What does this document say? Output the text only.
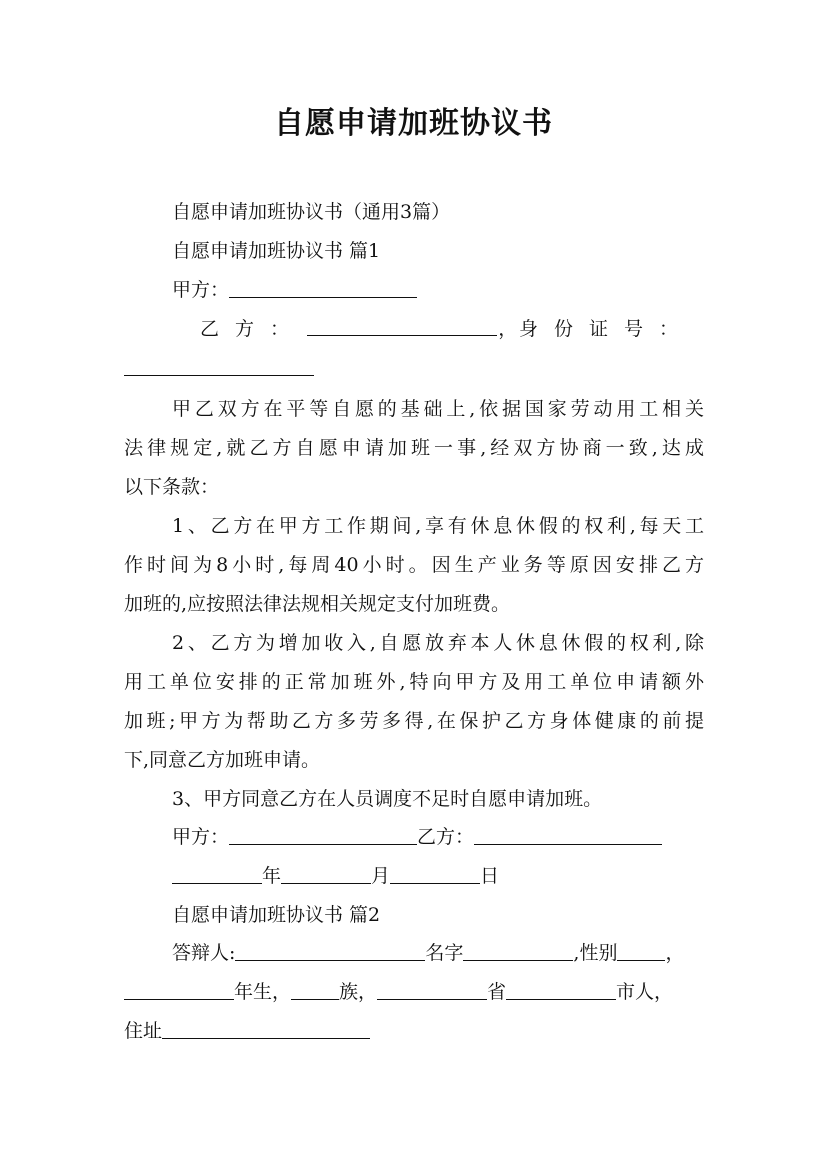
自愿申请加班协议书
自愿申请加班协议书（通用3篇）
自愿申请加班协议书 篇1
甲方：
乙方：	， 身份证号：
甲乙双方在平等自愿的基础上,依据国家劳动用工相关
法律规定,就乙方自愿申请加班一事,经双方协商一致,达成
以下条款：
1、乙方在甲方工作期间,享有休息休假的权利,每天工
作时间为8小时,每周40小时。因生产业务等原因安排乙方
加班的,应按照法律法规相关规定支付加班费。
2、乙方为增加收入,自愿放弃本人休息休假的权利,除
用工单位安排的正常加班外,特向甲方及用工单位申请额外
加班;甲方为帮助乙方多劳多得,在保护乙方身体健康的前提
下,同意乙方加班申请。
3、甲方同意乙方在人员调度不足时自愿申请加班。
甲方：	乙方：
年	月	日
自愿申请加班协议书 篇2
答辩人:	名字	,性别	，
年生，	族，	省	市人，
住址
